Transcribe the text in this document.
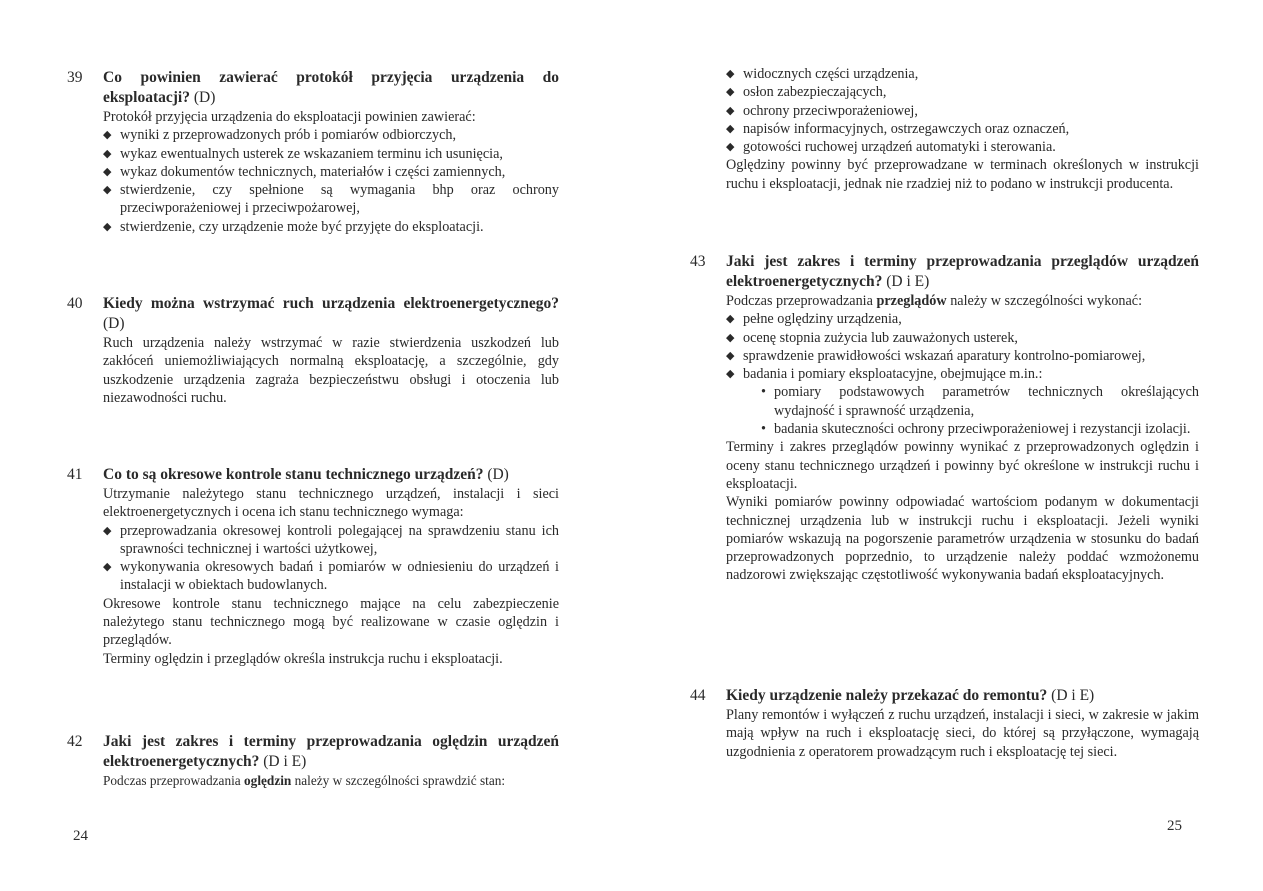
39	Co powinien zawierać protokół przyjęcia urządzenia do eksploatacji? (D)

Protokół przyjęcia urządzenia do eksploatacji powinien zawierać:

◆ wyniki z przeprowadzonych prób i pomiarów odbiorczych,
◆ wykaz ewentualnych usterek ze wskazaniem terminu ich usunięcia,
◆ wykaz dokumentów technicznych, materiałów i części zamiennych,
◆ stwierdzenie, czy spełnione są wymagania bhp oraz ochrony przeciwporażeniowej i przeciwpożarowej,
◆ stwierdzenie, czy urządzenie może być przyjęte do eksploatacji.
40	Kiedy można wstrzymać ruch urządzenia elektroenergetycznego? (D)

Ruch urządzenia należy wstrzymać w razie stwierdzenia uszkodzeń lub zakłóceń uniemożliwiających normalną eksploatację, a szczególnie, gdy uszkodzenie urządzenia zagraża bezpieczeństwu obsługi i otoczenia lub niezawodności ruchu.

41	Co to są okresowe kontrole stanu technicznego urządzeń? (D)

Utrzymanie należytego stanu technicznego urządzeń, instalacji i sieci elektroenergetycznych i ocena ich stanu technicznego wymaga:

◆ przeprowadzania okresowej kontroli polegającej na sprawdzeniu stanu ich sprawności technicznej i wartości użytkowej,
◆ wykonywania okresowych badań i pomiarów w odniesieniu do urządzeń i instalacji w obiektach budowlanych.

Okresowe kontrole stanu technicznego mające na celu zabezpieczenie należytego stanu technicznego mogą być realizowane w czasie oględzin i przeglądów.

Terminy oględzin i przeglądów określa instrukcja ruchu i eksploatacji.

42	Jaki jest zakres i terminy przeprowadzania oględzin urządzeń elektroenergetycznych? (D i E)

Podczas przeprowadzania oględzin należy w szczególności sprawdzić stan:

24
◆ widocznych części urządzenia,
◆ osłon zabezpieczających,
◆ ochrony przeciwporażeniowej,
◆ napisów informacyjnych, ostrzegawczych oraz oznaczeń,
◆ gotowości ruchowej urządzeń automatyki i sterowania.

Oględziny powinny być przeprowadzane w terminach określonych w instrukcji ruchu i eksploatacji, jednak nie rzadziej niż to podano w instrukcji producenta.

43	Jaki jest zakres i terminy przeprowadzania przeglądów urządzeń elektroenergetycznych? (D i E)

Podczas przeprowadzania przeglądów należy w szczególności wykonać:

◆ pełne oględziny urządzenia,
◆ ocenę stopnia zużycia lub zauważonych usterek,
◆ sprawdzenie prawidłowości wskazań aparatury kontrolno-pomiarowej,
◆ badania i pomiary eksploatacyjne, obejmujące m.in.:
• pomiary podstawowych parametrów technicznych określających wydajność i sprawność urządzenia,
• badania skuteczności ochrony przeciwporażeniowej i rezystancji izolacji.

Terminy i zakres przeglądów powinny wynikać z przeprowadzonych oględzin i oceny stanu technicznego urządzeń i powinny być określone w instrukcji ruchu i eksploatacji.

Wyniki pomiarów powinny odpowiadać wartościom podanym w dokumentacji technicznej urządzenia lub w instrukcji ruchu i eksploatacji. Jeżeli wyniki pomiarów wskazują na pogorszenie parametrów urządzenia w stosunku do badań przeprowadzonych poprzednio, to urządzenie należy poddać wzmożonemu nadzorowi zwiększając częstotliwość wykonywania badań eksploatacyjnych.

44	Kiedy urządzenie należy przekazać do remontu? (D i E)

Plany remontów i wyłączeń z ruchu urządzeń, instalacji i sieci, w zakresie w jakim mają wpływ na ruch i eksploatację sieci, do której są przyłączone, wymagają uzgodnienia z operatorem prowadzącym ruch i eksploatację tej sieci.

25
